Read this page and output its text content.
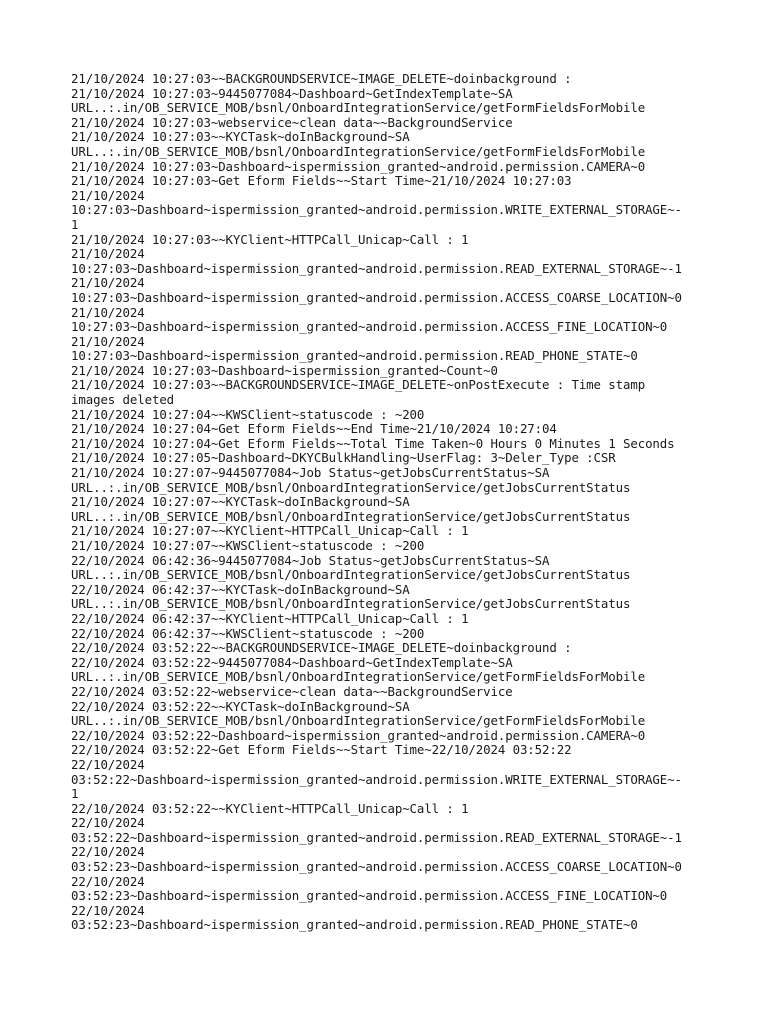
21/10/2024 10:27:03~~BACKGROUNDSERVICE~IMAGE_DELETE~doinbackground :
21/10/2024 10:27:03~9445077084~Dashboard~GetIndexTemplate~SA
URL..:.in/OB_SERVICE_MOB/bsnl/OnboardIntegrationService/getFormFieldsForMobile
21/10/2024 10:27:03~webservice~clean data~~BackgroundService
21/10/2024 10:27:03~~KYCTask~doInBackground~SA
URL..:.in/OB_SERVICE_MOB/bsnl/OnboardIntegrationService/getFormFieldsForMobile
21/10/2024 10:27:03~Dashboard~ispermission_granted~android.permission.CAMERA~0
21/10/2024 10:27:03~Get Eform Fields~~Start Time~21/10/2024 10:27:03
21/10/2024
10:27:03~Dashboard~ispermission_granted~android.permission.WRITE_EXTERNAL_STORAGE~-
1
21/10/2024 10:27:03~~KYClient~HTTPCall_Unicap~Call : 1
21/10/2024
10:27:03~Dashboard~ispermission_granted~android.permission.READ_EXTERNAL_STORAGE~-1
21/10/2024
10:27:03~Dashboard~ispermission_granted~android.permission.ACCESS_COARSE_LOCATION~0
21/10/2024
10:27:03~Dashboard~ispermission_granted~android.permission.ACCESS_FINE_LOCATION~0
21/10/2024
10:27:03~Dashboard~ispermission_granted~android.permission.READ_PHONE_STATE~0
21/10/2024 10:27:03~Dashboard~ispermission_granted~Count~0
21/10/2024 10:27:03~~BACKGROUNDSERVICE~IMAGE_DELETE~onPostExecute : Time stamp
images deleted
21/10/2024 10:27:04~~KWSClient~statuscode : ~200
21/10/2024 10:27:04~Get Eform Fields~~End Time~21/10/2024 10:27:04
21/10/2024 10:27:04~Get Eform Fields~~Total Time Taken~0 Hours 0 Minutes 1 Seconds
21/10/2024 10:27:05~Dashboard~DKYCBulkHandling~UserFlag: 3~Deler_Type :CSR
21/10/2024 10:27:07~9445077084~Job Status~getJobsCurrentStatus~SA
URL..:.in/OB_SERVICE_MOB/bsnl/OnboardIntegrationService/getJobsCurrentStatus
21/10/2024 10:27:07~~KYCTask~doInBackground~SA
URL..:.in/OB_SERVICE_MOB/bsnl/OnboardIntegrationService/getJobsCurrentStatus
21/10/2024 10:27:07~~KYClient~HTTPCall_Unicap~Call : 1
21/10/2024 10:27:07~~KWSClient~statuscode : ~200
22/10/2024 06:42:36~9445077084~Job Status~getJobsCurrentStatus~SA
URL..:.in/OB_SERVICE_MOB/bsnl/OnboardIntegrationService/getJobsCurrentStatus
22/10/2024 06:42:37~~KYCTask~doInBackground~SA
URL..:.in/OB_SERVICE_MOB/bsnl/OnboardIntegrationService/getJobsCurrentStatus
22/10/2024 06:42:37~~KYClient~HTTPCall_Unicap~Call : 1
22/10/2024 06:42:37~~KWSClient~statuscode : ~200
22/10/2024 03:52:22~~BACKGROUNDSERVICE~IMAGE_DELETE~doinbackground :
22/10/2024 03:52:22~9445077084~Dashboard~GetIndexTemplate~SA
URL..:.in/OB_SERVICE_MOB/bsnl/OnboardIntegrationService/getFormFieldsForMobile
22/10/2024 03:52:22~webservice~clean data~~BackgroundService
22/10/2024 03:52:22~~KYCTask~doInBackground~SA
URL..:.in/OB_SERVICE_MOB/bsnl/OnboardIntegrationService/getFormFieldsForMobile
22/10/2024 03:52:22~Dashboard~ispermission_granted~android.permission.CAMERA~0
22/10/2024 03:52:22~Get Eform Fields~~Start Time~22/10/2024 03:52:22
22/10/2024
03:52:22~Dashboard~ispermission_granted~android.permission.WRITE_EXTERNAL_STORAGE~-
1
22/10/2024 03:52:22~~KYClient~HTTPCall_Unicap~Call : 1
22/10/2024
03:52:22~Dashboard~ispermission_granted~android.permission.READ_EXTERNAL_STORAGE~-1
22/10/2024
03:52:23~Dashboard~ispermission_granted~android.permission.ACCESS_COARSE_LOCATION~0
22/10/2024
03:52:23~Dashboard~ispermission_granted~android.permission.ACCESS_FINE_LOCATION~0
22/10/2024
03:52:23~Dashboard~ispermission_granted~android.permission.READ_PHONE_STATE~0
